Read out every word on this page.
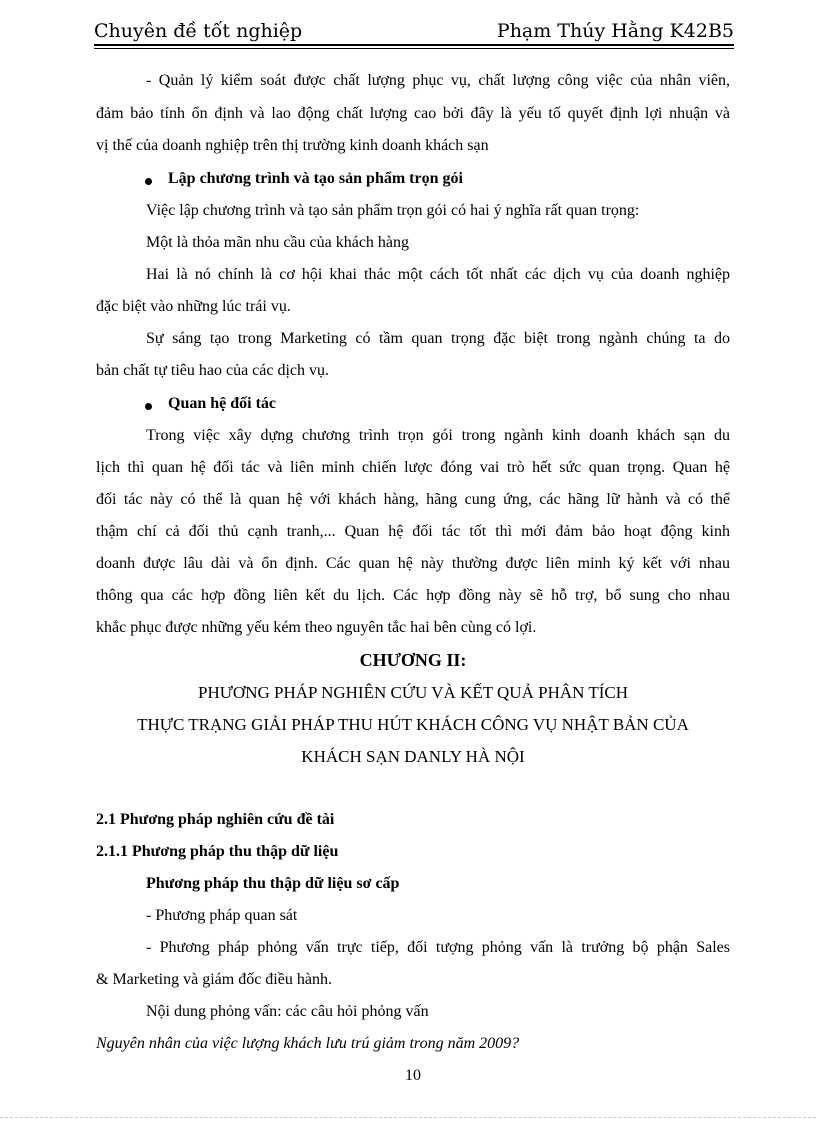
Chuyên đề tốt nghiệp	Phạm Thúy Hằng K42B5
- Quản lý kiểm soát được chất lượng phục vụ, chất lượng công việc của nhân viên,
đảm bảo tính ổn định và lao động chất lượng cao bởi đây là yếu tố quyết định lợi nhuận và
vị thế của doanh nghiệp trên thị trường kinh doanh khách sạn
Lập chương trình và tạo sản phẩm trọn gói
Việc lập chương trình và tạo sản phẩm trọn gói có hai ý nghĩa rất quan trọng:
Một là thỏa mãn nhu cầu của khách hàng
Hai là nó chính là cơ hội khai thác một cách tốt nhất các dịch vụ của doanh nghiệp
đặc biệt vào những lúc trái vụ.
Sự sáng tạo trong Marketing có tầm quan trọng đặc biệt trong ngành chúng ta do
bản chất tự tiêu hao của các dịch vụ.
Quan hệ đối tác
Trong việc xây dựng chương trình trọn gói trong ngành kinh doanh khách sạn du
lịch thì quan hệ đối tác và liên minh chiến lược đóng vai trò hết sức quan trọng. Quan hệ
đối tác này có thể là quan hệ với khách hàng, hãng cung ứng, các hãng lữ hành và có thể
thậm chí cả đối thủ cạnh tranh,... Quan hệ đối tác tốt thì mới đảm bảo hoạt động kinh
doanh được lâu dài và ổn định. Các quan hệ này thường được liên minh ký kết với nhau
thông qua các hợp đồng liên kết du lịch. Các hợp đồng này sẽ hỗ trợ, bổ sung cho nhau
khắc phục được những yếu kém theo nguyên tắc hai bên cùng có lợi.
CHƯƠNG II:
PHƯƠNG PHÁP NGHIÊN CỨU VÀ KẾT QUẢ PHÂN TÍCH
THỰC TRẠNG GIẢI PHÁP THU HÚT KHÁCH CÔNG VỤ NHẬT BẢN CỦA
KHÁCH SẠN DANLY HÀ NỘI
2.1 Phương pháp nghiên cứu đề tài
2.1.1 Phương pháp thu thập dữ liệu
Phương pháp thu thập dữ liệu sơ cấp
- Phương pháp quan sát
- Phương pháp phỏng vấn trực tiếp, đối tượng phỏng vấn là trưởng bộ phận Sales
& Marketing và giám đốc điều hành.
Nội dung phỏng vấn: các câu hỏi phỏng vấn
Nguyên nhân của việc lượng khách lưu trú giảm trong năm 2009?
10
